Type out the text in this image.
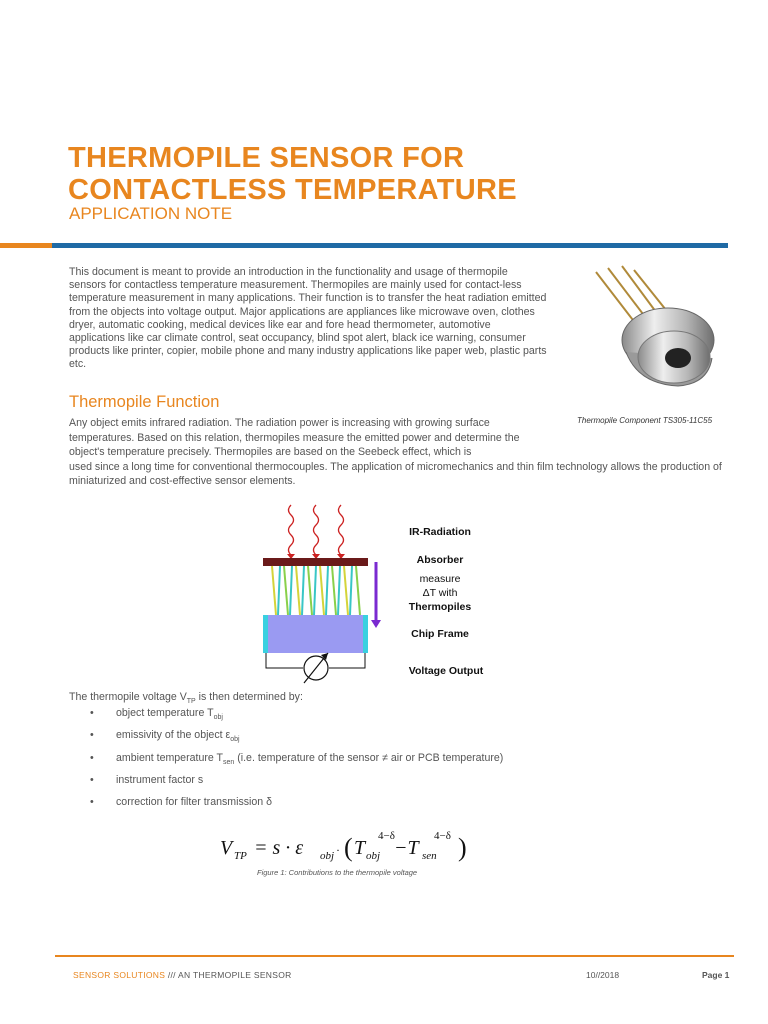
THERMOPILE SENSOR FOR
CONTACTLESS TEMPERATURE
APPLICATION NOTE

This document is meant to provide an introduction in the functionality and usage of thermopile sensors for contactless temperature measurement. Thermopiles are mainly used for contact-less temperature measurement in many applications. Their function is to transfer the heat radiation emitted from the objects into voltage output. Major applications are appliances like microwave oven, clothes dryer, automatic cooking, medical devices like ear and fore head thermometer, automotive applications like car climate control, seat occupancy, blind spot alert, black ice warning, consumer products like printer, copier, mobile phone and many industry applications like paper web, plastic parts etc.

Thermopile Component TS305-11C55
Thermopile Function

Any object emits infrared radiation. The radiation power is increasing with growing surface temperatures. Based on this relation, thermopiles measure the emitted power and determine the object's temperature precisely. Thermopiles are based on the Seebeck effect, which is
used since a long time for conventional thermocouples. The application of micromechanics and thin film technology allows the production of miniaturized and cost-effective sensor elements.

IR-Radiation
Absorber
measure
ΔT with
Thermopiles
Chip Frame
Voltage Output
The thermopile voltage $V_{TP}$ is then determined by:
• object temperature $T_{obj}$
• emissivity of the object $\varepsilon_{obj}$
• ambient temperature $T_{sen}$ (i.e. temperature of the sensor ≠ air or PCB temperature)
• instrument factor s
• correction for filter transmission δ
V TP = s · ε obj · ( T obj
4−δ
−T sen
4−δ )
Figure 1: Contributions to the thermopile voltage
SENSOR SOLUTIONS /// AN THERMOPILE SENSOR	10//2018	Page 1
